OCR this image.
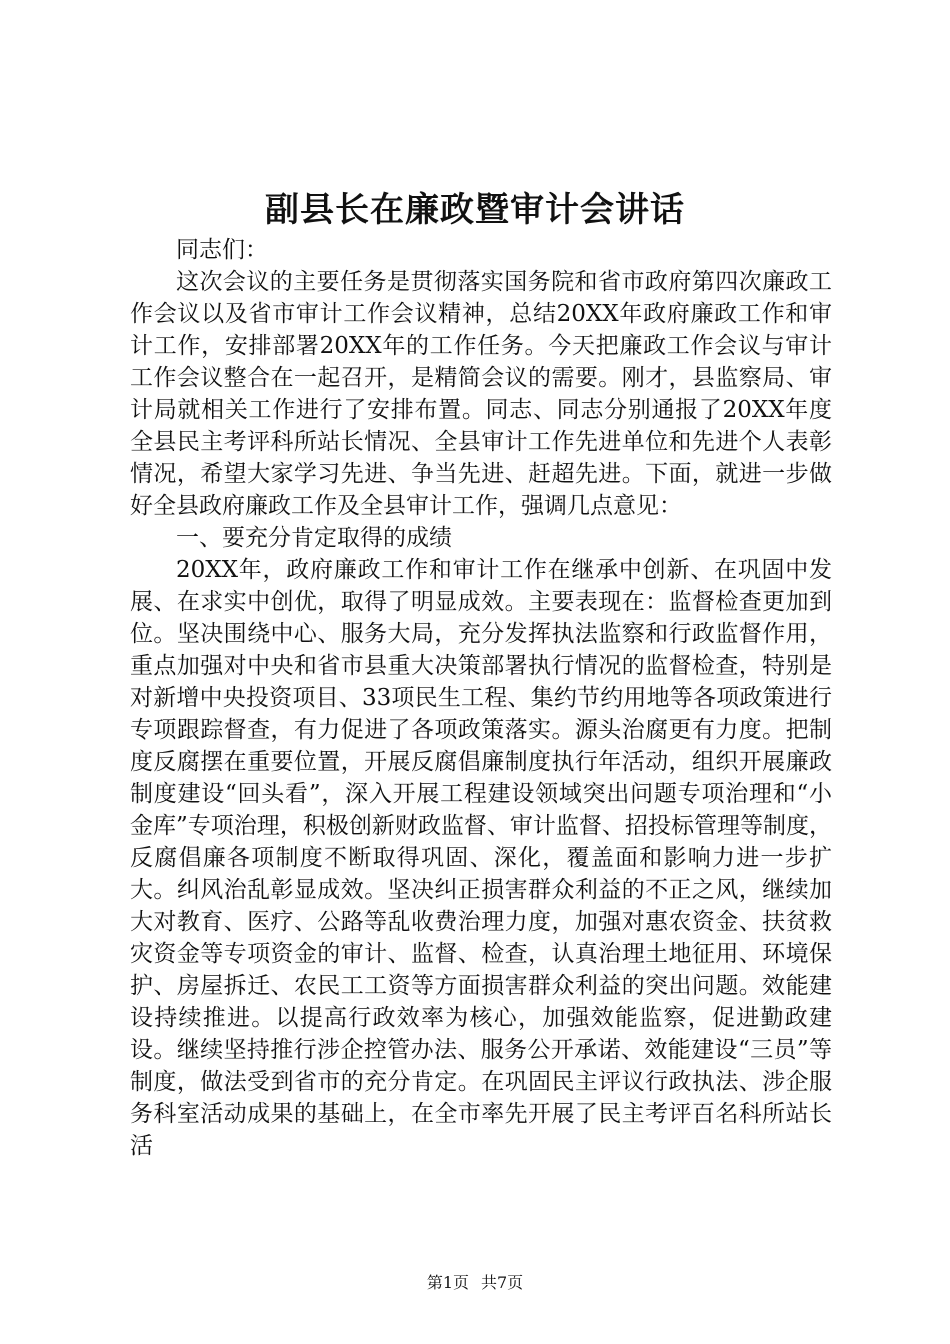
副县长在廉政暨审计会讲话

同志们：

这次会议的主要任务是贯彻落实国务院和省市政府第四次廉政工作会议以及省市审计工作会议精神，总结20XX年政府廉政工作和审计工作，安排部署20XX年的工作任务。今天把廉政工作会议与审计工作会议整合在一起召开，是精简会议的需要。刚才，县监察局、审计局就相关工作进行了安排布置。同志、同志分别通报了20XX年度全县民主考评科所站长情况、全县审计工作先进单位和先进个人表彰情况，希望大家学习先进、争当先进、赶超先进。下面，就进一步做好全县政府廉政工作及全县审计工作，强调几点意见：

一、要充分肯定取得的成绩

20XX年，政府廉政工作和审计工作在继承中创新、在巩固中发展、在求实中创优，取得了明显成效。主要表现在：监督检查更加到位。坚决围绕中心、服务大局，充分发挥执法监察和行政监督作用，重点加强对中央和省市县重大决策部署执行情况的监督检查，特别是对新增中央投资项目、33项民生工程、集约节约用地等各项政策进行专项跟踪督查，有力促进了各项政策落实。源头治腐更有力度。把制度反腐摆在重要位置，开展反腐倡廉制度执行年活动，组织开展廉政制度建设“回头看”，深入开展工程建设领域突出问题专项治理和“小金库”专项治理，积极创新财政监督、审计监督、招投标管理等制度，反腐倡廉各项制度不断取得巩固、深化，覆盖面和影响力进一步扩大。纠风治乱彰显成效。坚决纠正损害群众利益的不正之风，继续加大对教育、医疗、公路等乱收费治理力度，加强对惠农资金、扶贫救灾资金等专项资金的审计、监督、检查，认真治理土地征用、环境保护、房屋拆迁、农民工工资等方面损害群众利益的突出问题。效能建设持续推进。以提高行政效率为核心，加强效能监察，促进勤政建设。继续坚持推行涉企控管办法、服务公开承诺、效能建设“三员”等制度，做法受到省市的充分肯定。在巩固民主评议行政执法、涉企服务科室活动成果的基础上，在全市率先开展了民主考评百名科所站长活

第1页 共7页
